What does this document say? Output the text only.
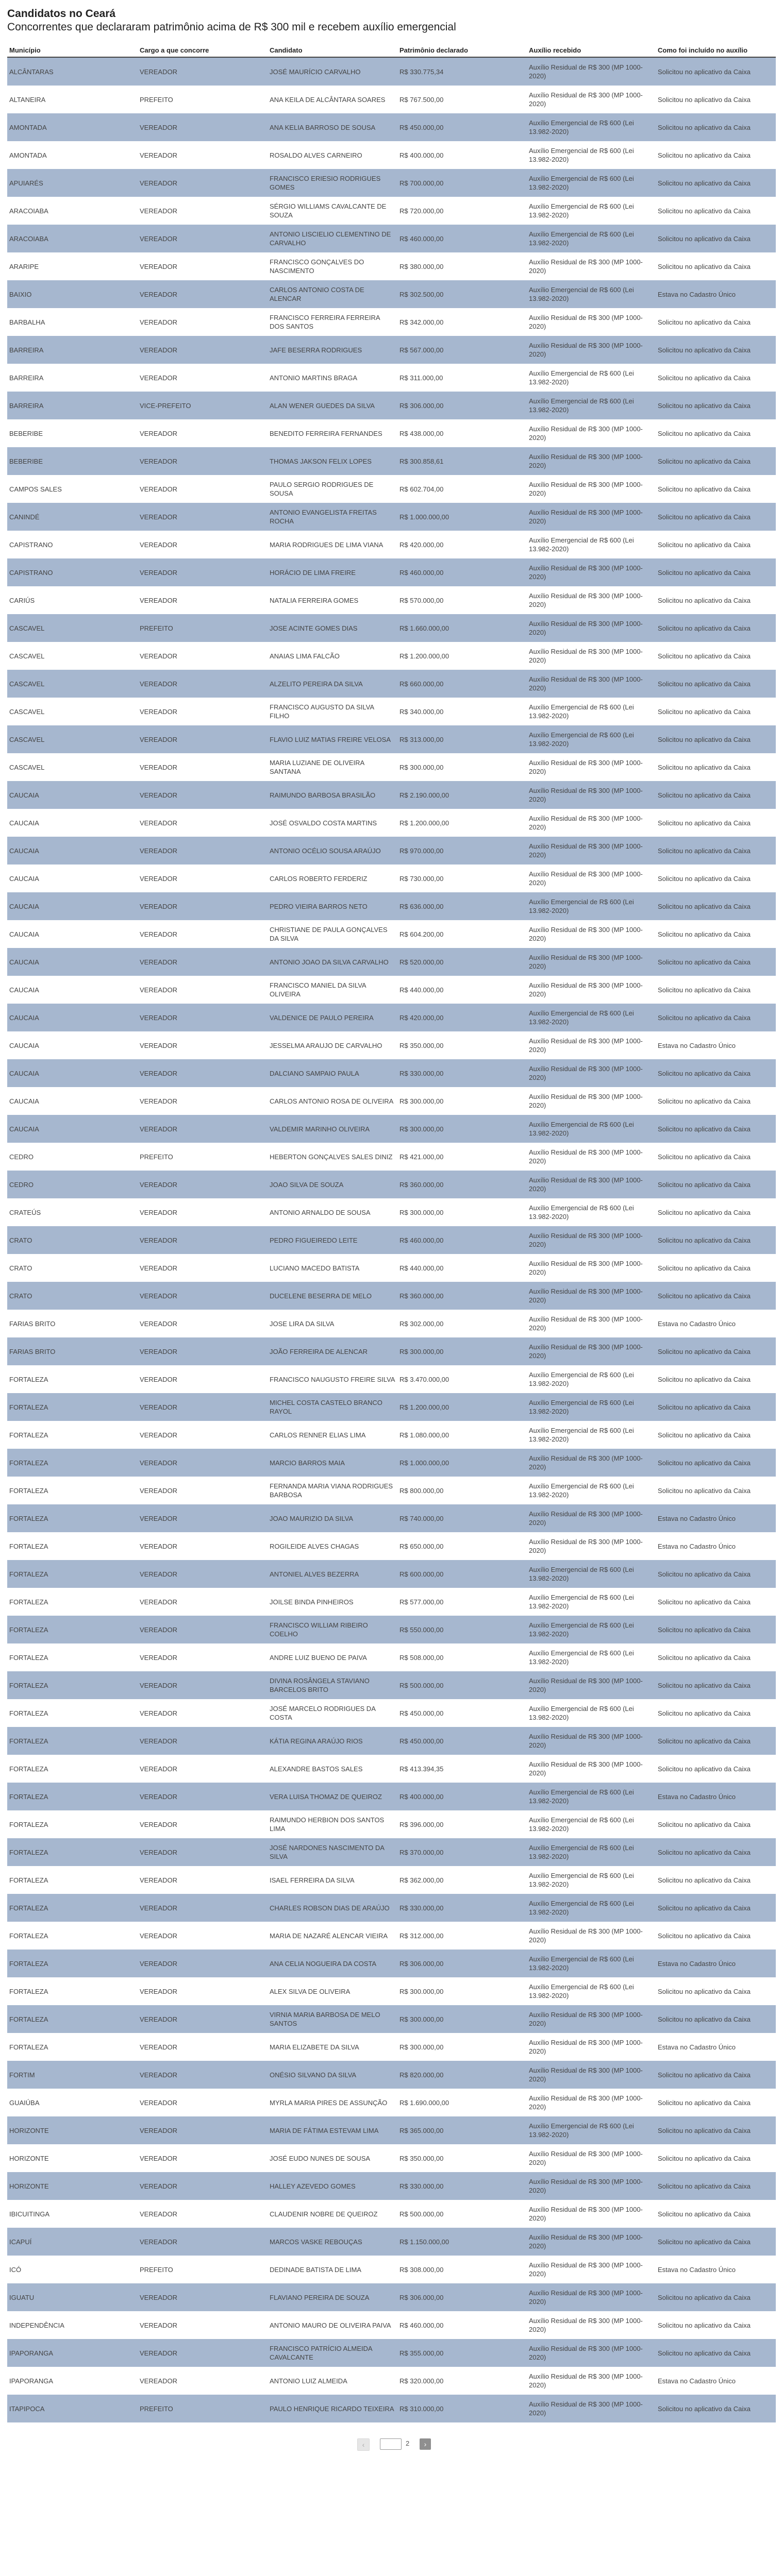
Candidatos no Ceará
Concorrentes que declararam patrimônio acima de R$ 300 mil e recebem auxílio emergencial
Município	Cargo a que concorre	Candidato	Patrimônio declarado	Auxílio recebido	Como foi incluído no auxílio
ALCÂNTARAS	VEREADOR	JOSÉ MAURÍCIO CARVALHO	R$ 330.775,34	Auxílio Residual de R$ 300 (MP 1000-2020)	Solicitou no aplicativo da Caixa
ALTANEIRA	PREFEITO	ANA KEILA DE ALCÂNTARA SOARES	R$ 767.500,00	Auxílio Residual de R$ 300 (MP 1000-2020)	Solicitou no aplicativo da Caixa
AMONTADA	VEREADOR	ANA KELIA BARROSO DE SOUSA	R$ 450.000,00	Auxílio Emergencial de R$ 600 (Lei 13.982-2020)	Solicitou no aplicativo da Caixa
AMONTADA	VEREADOR	ROSALDO ALVES CARNEIRO	R$ 400.000,00	Auxílio Emergencial de R$ 600 (Lei 13.982-2020)	Solicitou no aplicativo da Caixa
APUIARÉS	VEREADOR	FRANCISCO ERIESIO RODRIGUES GOMES	R$ 700.000,00	Auxílio Emergencial de R$ 600 (Lei 13.982-2020)	Solicitou no aplicativo da Caixa
ARACOIABA	VEREADOR	SÉRGIO WILLIAMS CAVALCANTE DE SOUZA	R$ 720.000,00	Auxílio Emergencial de R$ 600 (Lei 13.982-2020)	Solicitou no aplicativo da Caixa
ARACOIABA	VEREADOR	ANTONIO LISCIELIO CLEMENTINO DE CARVALHO	R$ 460.000,00	Auxílio Emergencial de R$ 600 (Lei 13.982-2020)	Solicitou no aplicativo da Caixa
ARARIPE	VEREADOR	FRANCISCO GONÇALVES DO NASCIMENTO	R$ 380.000,00	Auxílio Residual de R$ 300 (MP 1000-2020)	Solicitou no aplicativo da Caixa
BAIXIO	VEREADOR	CARLOS ANTONIO COSTA DE ALENCAR	R$ 302.500,00	Auxílio Emergencial de R$ 600 (Lei 13.982-2020)	Estava no Cadastro Único
BARBALHA	VEREADOR	FRANCISCO FERREIRA FERREIRA DOS SANTOS	R$ 342.000,00	Auxílio Residual de R$ 300 (MP 1000-2020)	Solicitou no aplicativo da Caixa
BARREIRA	VEREADOR	JAFE BESERRA RODRIGUES	R$ 567.000,00	Auxílio Residual de R$ 300 (MP 1000-2020)	Solicitou no aplicativo da Caixa
BARREIRA	VEREADOR	ANTONIO MARTINS BRAGA	R$ 311.000,00	Auxílio Emergencial de R$ 600 (Lei 13.982-2020)	Solicitou no aplicativo da Caixa
BARREIRA	VICE-PREFEITO	ALAN WENER GUEDES DA SILVA	R$ 306.000,00	Auxílio Emergencial de R$ 600 (Lei 13.982-2020)	Solicitou no aplicativo da Caixa
BEBERIBE	VEREADOR	BENEDITO FERREIRA FERNANDES	R$ 438.000,00	Auxílio Residual de R$ 300 (MP 1000-2020)	Solicitou no aplicativo da Caixa
BEBERIBE	VEREADOR	THOMAS JAKSON FELIX LOPES	R$ 300.858,61	Auxílio Residual de R$ 300 (MP 1000-2020)	Solicitou no aplicativo da Caixa
CAMPOS SALES	VEREADOR	PAULO SERGIO RODRIGUES DE SOUSA	R$ 602.704,00	Auxílio Residual de R$ 300 (MP 1000-2020)	Solicitou no aplicativo da Caixa
CANINDÉ	VEREADOR	ANTONIO EVANGELISTA FREITAS ROCHA	R$ 1.000.000,00	Auxílio Residual de R$ 300 (MP 1000-2020)	Solicitou no aplicativo da Caixa
CAPISTRANO	VEREADOR	MARIA RODRIGUES DE LIMA VIANA	R$ 420.000,00	Auxílio Emergencial de R$ 600 (Lei 13.982-2020)	Solicitou no aplicativo da Caixa
CAPISTRANO	VEREADOR	HORÁCIO DE LIMA FREIRE	R$ 460.000,00	Auxílio Residual de R$ 300 (MP 1000-2020)	Solicitou no aplicativo da Caixa
CARIÚS	VEREADOR	NATALIA FERREIRA GOMES	R$ 570.000,00	Auxílio Residual de R$ 300 (MP 1000-2020)	Solicitou no aplicativo da Caixa
CASCAVEL	PREFEITO	JOSE ACINTE GOMES DIAS	R$ 1.660.000,00	Auxílio Residual de R$ 300 (MP 1000-2020)	Solicitou no aplicativo da Caixa
CASCAVEL	VEREADOR	ANAIAS LIMA FALCÃO	R$ 1.200.000,00	Auxílio Residual de R$ 300 (MP 1000-2020)	Solicitou no aplicativo da Caixa
CASCAVEL	VEREADOR	ALZELITO PEREIRA DA SILVA	R$ 660.000,00	Auxílio Residual de R$ 300 (MP 1000-2020)	Solicitou no aplicativo da Caixa
CASCAVEL	VEREADOR	FRANCISCO AUGUSTO DA SILVA FILHO	R$ 340.000,00	Auxílio Emergencial de R$ 600 (Lei 13.982-2020)	Solicitou no aplicativo da Caixa
CASCAVEL	VEREADOR	FLAVIO LUIZ MATIAS FREIRE VELOSA	R$ 313.000,00	Auxílio Emergencial de R$ 600 (Lei 13.982-2020)	Solicitou no aplicativo da Caixa
CASCAVEL	VEREADOR	MARIA LUZIANE DE OLIVEIRA SANTANA	R$ 300.000,00	Auxílio Residual de R$ 300 (MP 1000-2020)	Solicitou no aplicativo da Caixa
CAUCAIA	VEREADOR	RAIMUNDO BARBOSA BRASILÃO	R$ 2.190.000,00	Auxílio Residual de R$ 300 (MP 1000-2020)	Solicitou no aplicativo da Caixa
CAUCAIA	VEREADOR	JOSÉ OSVALDO COSTA MARTINS	R$ 1.200.000,00	Auxílio Residual de R$ 300 (MP 1000-2020)	Solicitou no aplicativo da Caixa
CAUCAIA	VEREADOR	ANTONIO OCÉLIO SOUSA ARAÚJO	R$ 970.000,00	Auxílio Residual de R$ 300 (MP 1000-2020)	Solicitou no aplicativo da Caixa
CAUCAIA	VEREADOR	CARLOS ROBERTO FERDERIZ	R$ 730.000,00	Auxílio Residual de R$ 300 (MP 1000-2020)	Solicitou no aplicativo da Caixa
CAUCAIA	VEREADOR	PEDRO VIEIRA BARROS NETO	R$ 636.000,00	Auxílio Emergencial de R$ 600 (Lei 13.982-2020)	Solicitou no aplicativo da Caixa
CAUCAIA	VEREADOR	CHRISTIANE DE PAULA GONÇALVES DA SILVA	R$ 604.200,00	Auxílio Residual de R$ 300 (MP 1000-2020)	Solicitou no aplicativo da Caixa
CAUCAIA	VEREADOR	ANTONIO JOAO DA SILVA CARVALHO	R$ 520.000,00	Auxílio Residual de R$ 300 (MP 1000-2020)	Solicitou no aplicativo da Caixa
CAUCAIA	VEREADOR	FRANCISCO MANIEL DA SILVA OLIVEIRA	R$ 440.000,00	Auxílio Residual de R$ 300 (MP 1000-2020)	Solicitou no aplicativo da Caixa
CAUCAIA	VEREADOR	VALDENICE DE PAULO PEREIRA	R$ 420.000,00	Auxílio Emergencial de R$ 600 (Lei 13.982-2020)	Solicitou no aplicativo da Caixa
CAUCAIA	VEREADOR	JESSELMA ARAUJO DE CARVALHO	R$ 350.000,00	Auxílio Residual de R$ 300 (MP 1000-2020)	Estava no Cadastro Único
CAUCAIA	VEREADOR	DALCIANO SAMPAIO PAULA	R$ 330.000,00	Auxílio Residual de R$ 300 (MP 1000-2020)	Solicitou no aplicativo da Caixa
CAUCAIA	VEREADOR	CARLOS ANTONIO ROSA DE OLIVEIRA	R$ 300.000,00	Auxílio Residual de R$ 300 (MP 1000-2020)	Solicitou no aplicativo da Caixa
CAUCAIA	VEREADOR	VALDEMIR MARINHO OLIVEIRA	R$ 300.000,00	Auxílio Emergencial de R$ 600 (Lei 13.982-2020)	Solicitou no aplicativo da Caixa
CEDRO	PREFEITO	HEBERTON GONÇALVES SALES DINIZ	R$ 421.000,00	Auxílio Residual de R$ 300 (MP 1000-2020)	Solicitou no aplicativo da Caixa
CEDRO	VEREADOR	JOAO SILVA DE SOUZA	R$ 360.000,00	Auxílio Residual de R$ 300 (MP 1000-2020)	Solicitou no aplicativo da Caixa
CRATEÚS	VEREADOR	ANTONIO ARNALDO DE SOUSA	R$ 300.000,00	Auxílio Emergencial de R$ 600 (Lei 13.982-2020)	Solicitou no aplicativo da Caixa
CRATO	VEREADOR	PEDRO FIGUEIREDO LEITE	R$ 460.000,00	Auxílio Residual de R$ 300 (MP 1000-2020)	Solicitou no aplicativo da Caixa
CRATO	VEREADOR	LUCIANO MACEDO BATISTA	R$ 440.000,00	Auxílio Residual de R$ 300 (MP 1000-2020)	Solicitou no aplicativo da Caixa
CRATO	VEREADOR	DUCELENE BESERRA DE MELO	R$ 360.000,00	Auxílio Residual de R$ 300 (MP 1000-2020)	Solicitou no aplicativo da Caixa
FARIAS BRITO	VEREADOR	JOSE LIRA DA SILVA	R$ 302.000,00	Auxílio Residual de R$ 300 (MP 1000-2020)	Estava no Cadastro Único
FARIAS BRITO	VEREADOR	JOÃO FERREIRA DE ALENCAR	R$ 300.000,00	Auxílio Residual de R$ 300 (MP 1000-2020)	Solicitou no aplicativo da Caixa
FORTALEZA	VEREADOR	FRANCISCO NAUGUSTO FREIRE SILVA	R$ 3.470.000,00	Auxílio Emergencial de R$ 600 (Lei 13.982-2020)	Solicitou no aplicativo da Caixa
FORTALEZA	VEREADOR	MICHEL COSTA CASTELO BRANCO RAYOL	R$ 1.200.000,00	Auxílio Emergencial de R$ 600 (Lei 13.982-2020)	Solicitou no aplicativo da Caixa
FORTALEZA	VEREADOR	CARLOS RENNER ELIAS LIMA	R$ 1.080.000,00	Auxílio Emergencial de R$ 600 (Lei 13.982-2020)	Solicitou no aplicativo da Caixa
FORTALEZA	VEREADOR	MARCIO BARROS MAIA	R$ 1.000.000,00	Auxílio Residual de R$ 300 (MP 1000-2020)	Solicitou no aplicativo da Caixa
FORTALEZA	VEREADOR	FERNANDA MARIA VIANA RODRIGUES BARBOSA	R$ 800.000,00	Auxílio Emergencial de R$ 600 (Lei 13.982-2020)	Solicitou no aplicativo da Caixa
FORTALEZA	VEREADOR	JOAO MAURIZIO DA SILVA	R$ 740.000,00	Auxílio Residual de R$ 300 (MP 1000-2020)	Estava no Cadastro Único
FORTALEZA	VEREADOR	ROGILEIDE ALVES CHAGAS	R$ 650.000,00	Auxílio Residual de R$ 300 (MP 1000-2020)	Estava no Cadastro Único
FORTALEZA	VEREADOR	ANTONIEL ALVES BEZERRA	R$ 600.000,00	Auxílio Emergencial de R$ 600 (Lei 13.982-2020)	Solicitou no aplicativo da Caixa
FORTALEZA	VEREADOR	JOILSE BINDA PINHEIROS	R$ 577.000,00	Auxílio Emergencial de R$ 600 (Lei 13.982-2020)	Solicitou no aplicativo da Caixa
FORTALEZA	VEREADOR	FRANCISCO WILLIAM RIBEIRO COELHO	R$ 550.000,00	Auxílio Emergencial de R$ 600 (Lei 13.982-2020)	Solicitou no aplicativo da Caixa
FORTALEZA	VEREADOR	ANDRE LUIZ BUENO DE PAIVA	R$ 508.000,00	Auxílio Emergencial de R$ 600 (Lei 13.982-2020)	Solicitou no aplicativo da Caixa
FORTALEZA	VEREADOR	DIVINA ROSÂNGELA STAVIANO BARCELOS BRITO	R$ 500.000,00	Auxílio Residual de R$ 300 (MP 1000-2020)	Solicitou no aplicativo da Caixa
FORTALEZA	VEREADOR	JOSÉ MARCELO RODRIGUES DA COSTA	R$ 450.000,00	Auxílio Emergencial de R$ 600 (Lei 13.982-2020)	Solicitou no aplicativo da Caixa
FORTALEZA	VEREADOR	KÁTIA REGINA ARAÚJO RIOS	R$ 450.000,00	Auxílio Residual de R$ 300 (MP 1000-2020)	Solicitou no aplicativo da Caixa
FORTALEZA	VEREADOR	ALEXANDRE BASTOS SALES	R$ 413.394,35	Auxílio Residual de R$ 300 (MP 1000-2020)	Solicitou no aplicativo da Caixa
FORTALEZA	VEREADOR	VERA LUISA THOMAZ DE QUEIROZ	R$ 400.000,00	Auxílio Emergencial de R$ 600 (Lei 13.982-2020)	Estava no Cadastro Único
FORTALEZA	VEREADOR	RAIMUNDO HERBION DOS SANTOS LIMA	R$ 396.000,00	Auxílio Emergencial de R$ 600 (Lei 13.982-2020)	Solicitou no aplicativo da Caixa
FORTALEZA	VEREADOR	JOSÉ NARDONES NASCIMENTO DA SILVA	R$ 370.000,00	Auxílio Emergencial de R$ 600 (Lei 13.982-2020)	Solicitou no aplicativo da Caixa
FORTALEZA	VEREADOR	ISAEL FERREIRA DA SILVA	R$ 362.000,00	Auxílio Emergencial de R$ 600 (Lei 13.982-2020)	Solicitou no aplicativo da Caixa
FORTALEZA	VEREADOR	CHARLES ROBSON DIAS DE ARAÚJO	R$ 330.000,00	Auxílio Emergencial de R$ 600 (Lei 13.982-2020)	Solicitou no aplicativo da Caixa
FORTALEZA	VEREADOR	MARIA DE NAZARÉ ALENCAR VIEIRA	R$ 312.000,00	Auxílio Residual de R$ 300 (MP 1000-2020)	Solicitou no aplicativo da Caixa
FORTALEZA	VEREADOR	ANA CELIA NOGUEIRA DA COSTA	R$ 306.000,00	Auxílio Emergencial de R$ 600 (Lei 13.982-2020)	Estava no Cadastro Único
FORTALEZA	VEREADOR	ALEX SILVA DE OLIVEIRA	R$ 300.000,00	Auxílio Emergencial de R$ 600 (Lei 13.982-2020)	Solicitou no aplicativo da Caixa
FORTALEZA	VEREADOR	VIRNIA MARIA BARBOSA DE MELO SANTOS	R$ 300.000,00	Auxílio Residual de R$ 300 (MP 1000-2020)	Solicitou no aplicativo da Caixa
FORTALEZA	VEREADOR	MARIA ELIZABETE DA SILVA	R$ 300.000,00	Auxílio Residual de R$ 300 (MP 1000-2020)	Estava no Cadastro Único
FORTIM	VEREADOR	ONÉSIO SILVANO DA SILVA	R$ 820.000,00	Auxílio Residual de R$ 300 (MP 1000-2020)	Solicitou no aplicativo da Caixa
GUAIÚBA	VEREADOR	MYRLA MARIA PIRES DE ASSUNÇÃO	R$ 1.690.000,00	Auxílio Residual de R$ 300 (MP 1000-2020)	Solicitou no aplicativo da Caixa
HORIZONTE	VEREADOR	MARIA DE FÁTIMA ESTEVAM LIMA	R$ 365.000,00	Auxílio Emergencial de R$ 600 (Lei 13.982-2020)	Solicitou no aplicativo da Caixa
HORIZONTE	VEREADOR	JOSÉ EUDO NUNES DE SOUSA	R$ 350.000,00	Auxílio Residual de R$ 300 (MP 1000-2020)	Solicitou no aplicativo da Caixa
HORIZONTE	VEREADOR	HALLEY AZEVEDO GOMES	R$ 330.000,00	Auxílio Residual de R$ 300 (MP 1000-2020)	Solicitou no aplicativo da Caixa
IBICUITINGA	VEREADOR	CLAUDENIR NOBRE DE QUEIROZ	R$ 500.000,00	Auxílio Residual de R$ 300 (MP 1000-2020)	Solicitou no aplicativo da Caixa
ICAPUÍ	VEREADOR	MARCOS VASKE REBOUÇAS	R$ 1.150.000,00	Auxílio Residual de R$ 300 (MP 1000-2020)	Solicitou no aplicativo da Caixa
ICÓ	PREFEITO	DEDINADE BATISTA DE LIMA	R$ 308.000,00	Auxílio Residual de R$ 300 (MP 1000-2020)	Estava no Cadastro Único
IGUATU	VEREADOR	FLAVIANO PEREIRA DE SOUZA	R$ 306.000,00	Auxílio Residual de R$ 300 (MP 1000-2020)	Solicitou no aplicativo da Caixa
INDEPENDÊNCIA	VEREADOR	ANTONIO MAURO DE OLIVEIRA PAIVA	R$ 460.000,00	Auxílio Residual de R$ 300 (MP 1000-2020)	Solicitou no aplicativo da Caixa
IPAPORANGA	VEREADOR	FRANCISCO PATRÍCIO ALMEIDA CAVALCANTE	R$ 355.000,00	Auxílio Residual de R$ 300 (MP 1000-2020)	Solicitou no aplicativo da Caixa
IPAPORANGA	VEREADOR	ANTONIO LUIZ ALMEIDA	R$ 320.000,00	Auxílio Residual de R$ 300 (MP 1000-2020)	Estava no Cadastro Único
ITAPIPOCA	PREFEITO	PAULO HENRIQUE RICARDO TEIXEIRA	R$ 310.000,00	Auxílio Residual de R$ 300 (MP 1000-2020)	Solicitou no aplicativo da Caixa
‹	2	›
